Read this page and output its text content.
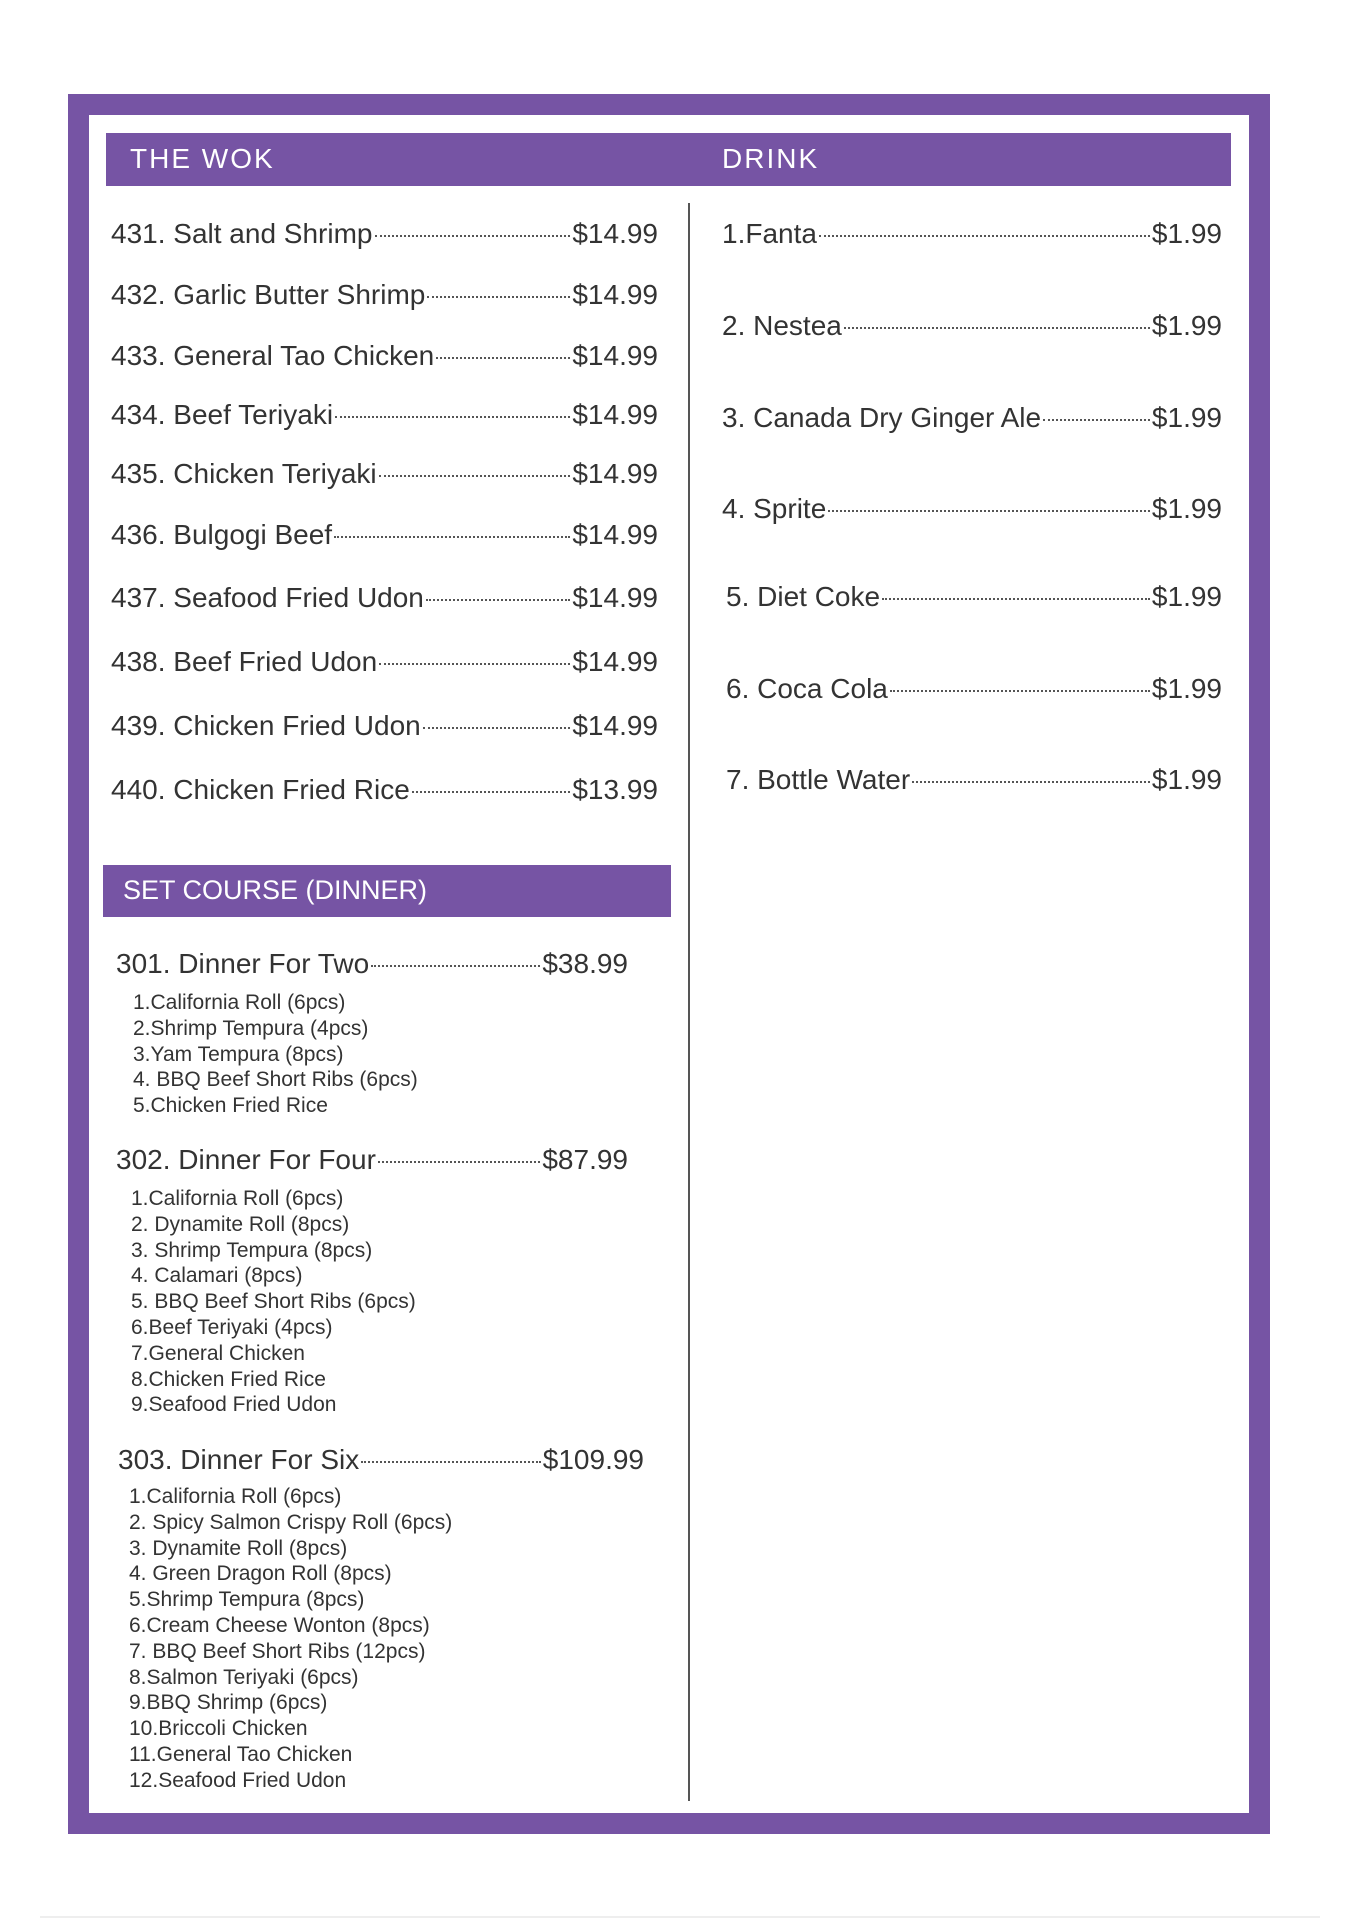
THE WOK	DRINK
431. Salt and Shrimp	$14.99
432. Garlic Butter Shrimp	$14.99
433. General Tao Chicken	$14.99
434. Beef Teriyaki	$14.99
435. Chicken Teriyaki	$14.99
436. Bulgogi Beef	$14.99
437. Seafood Fried Udon	$14.99
438. Beef Fried Udon	$14.99
439. Chicken Fried Udon	$14.99
440. Chicken Fried Rice	$13.99
1.Fanta	$1.99
2. Nestea	$1.99
3. Canada Dry Ginger Ale	$1.99
4. Sprite	$1.99
5. Diet Coke	$1.99
6. Coca Cola	$1.99
7. Bottle Water	$1.99
SET COURSE (DINNER)
301. Dinner For Two	$38.99
1.California Roll (6pcs)
2.Shrimp Tempura (4pcs)
3.Yam Tempura (8pcs)
4. BBQ Beef Short Ribs (6pcs)
5.Chicken Fried Rice
302. Dinner For Four	$87.99
1.California Roll (6pcs)
2. Dynamite Roll (8pcs)
3. Shrimp Tempura (8pcs)
4. Calamari (8pcs)
5. BBQ Beef Short Ribs (6pcs)
6.Beef Teriyaki (4pcs)
7.General Chicken
8.Chicken Fried Rice
9.Seafood Fried Udon
303. Dinner For Six	$109.99
1.California Roll (6pcs)
2. Spicy Salmon Crispy Roll (6pcs)
3. Dynamite Roll (8pcs)
4. Green Dragon Roll (8pcs)
5.Shrimp Tempura (8pcs)
6.Cream Cheese Wonton (8pcs)
7. BBQ Beef Short Ribs (12pcs)
8.Salmon Teriyaki (6pcs)
9.BBQ Shrimp (6pcs)
10.Briccoli Chicken
11.General Tao Chicken
12.Seafood Fried Udon
